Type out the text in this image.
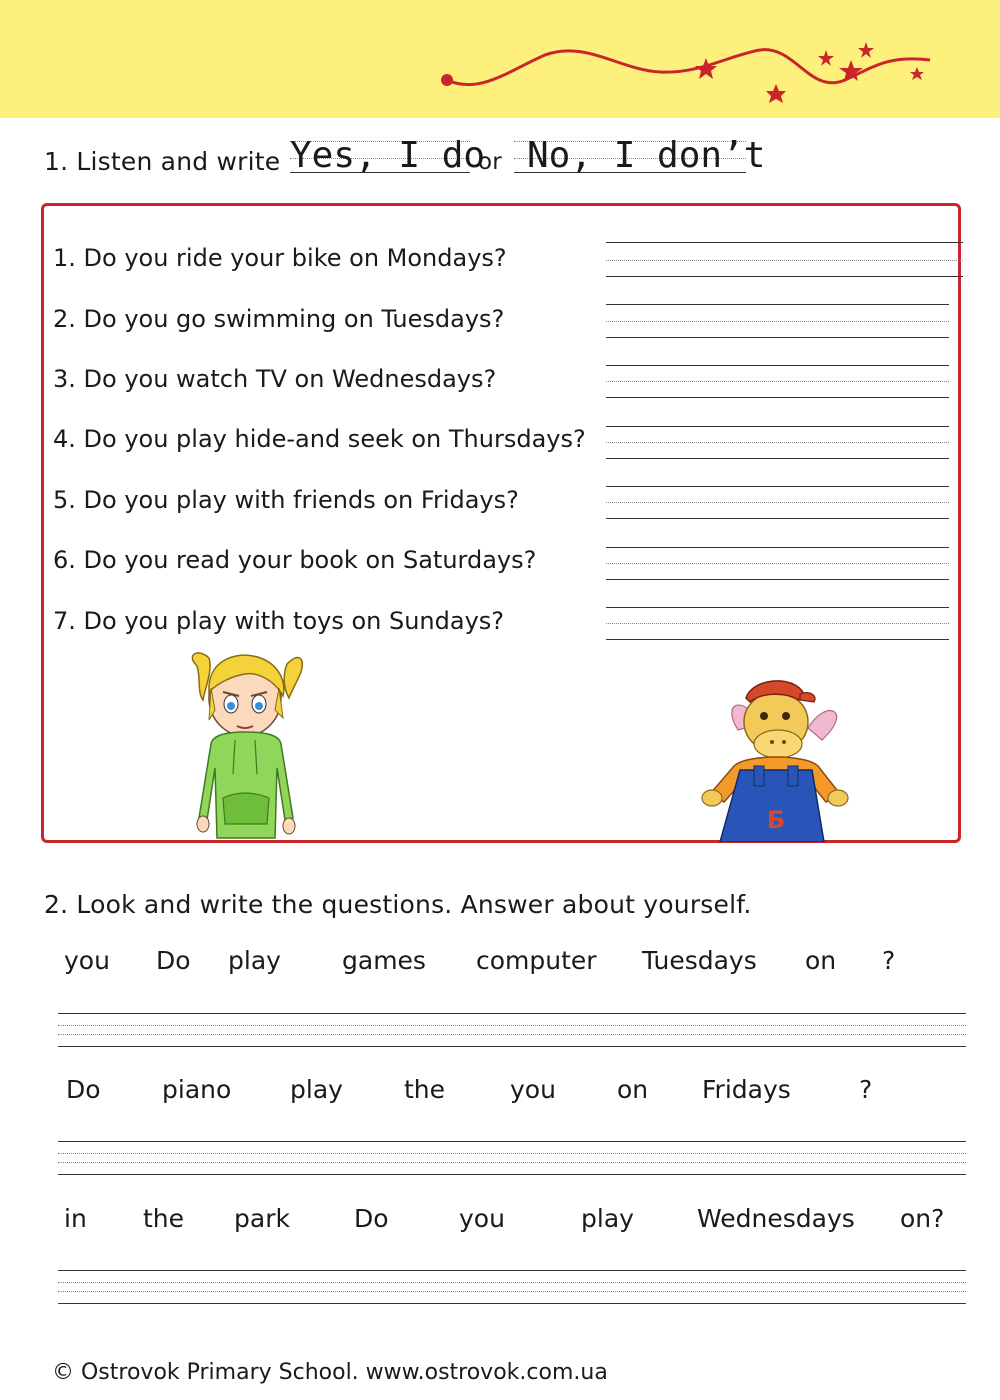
1. Listen and write Yes, I do
or No, I don’t
1. Do you ride your bike on Mondays?
2. Do you go swimming on Tuesdays?
3. Do you watch TV on Wednesdays?
4. Do you play hide-and seek on Thursdays?
5. Do you play with friends on Fridays?
6. Do you read your book on Saturdays?
7. Do you play with toys on Sundays?
Б
2. Look and write the questions. Answer about yourself.
you Do play games computer Tuesdays on ?
Do piano play the	you on Fridays	?
in the park	Do	you	play	Wednesdays on?
© Ostrovok Primary School. www.ostrovok.com.ua
